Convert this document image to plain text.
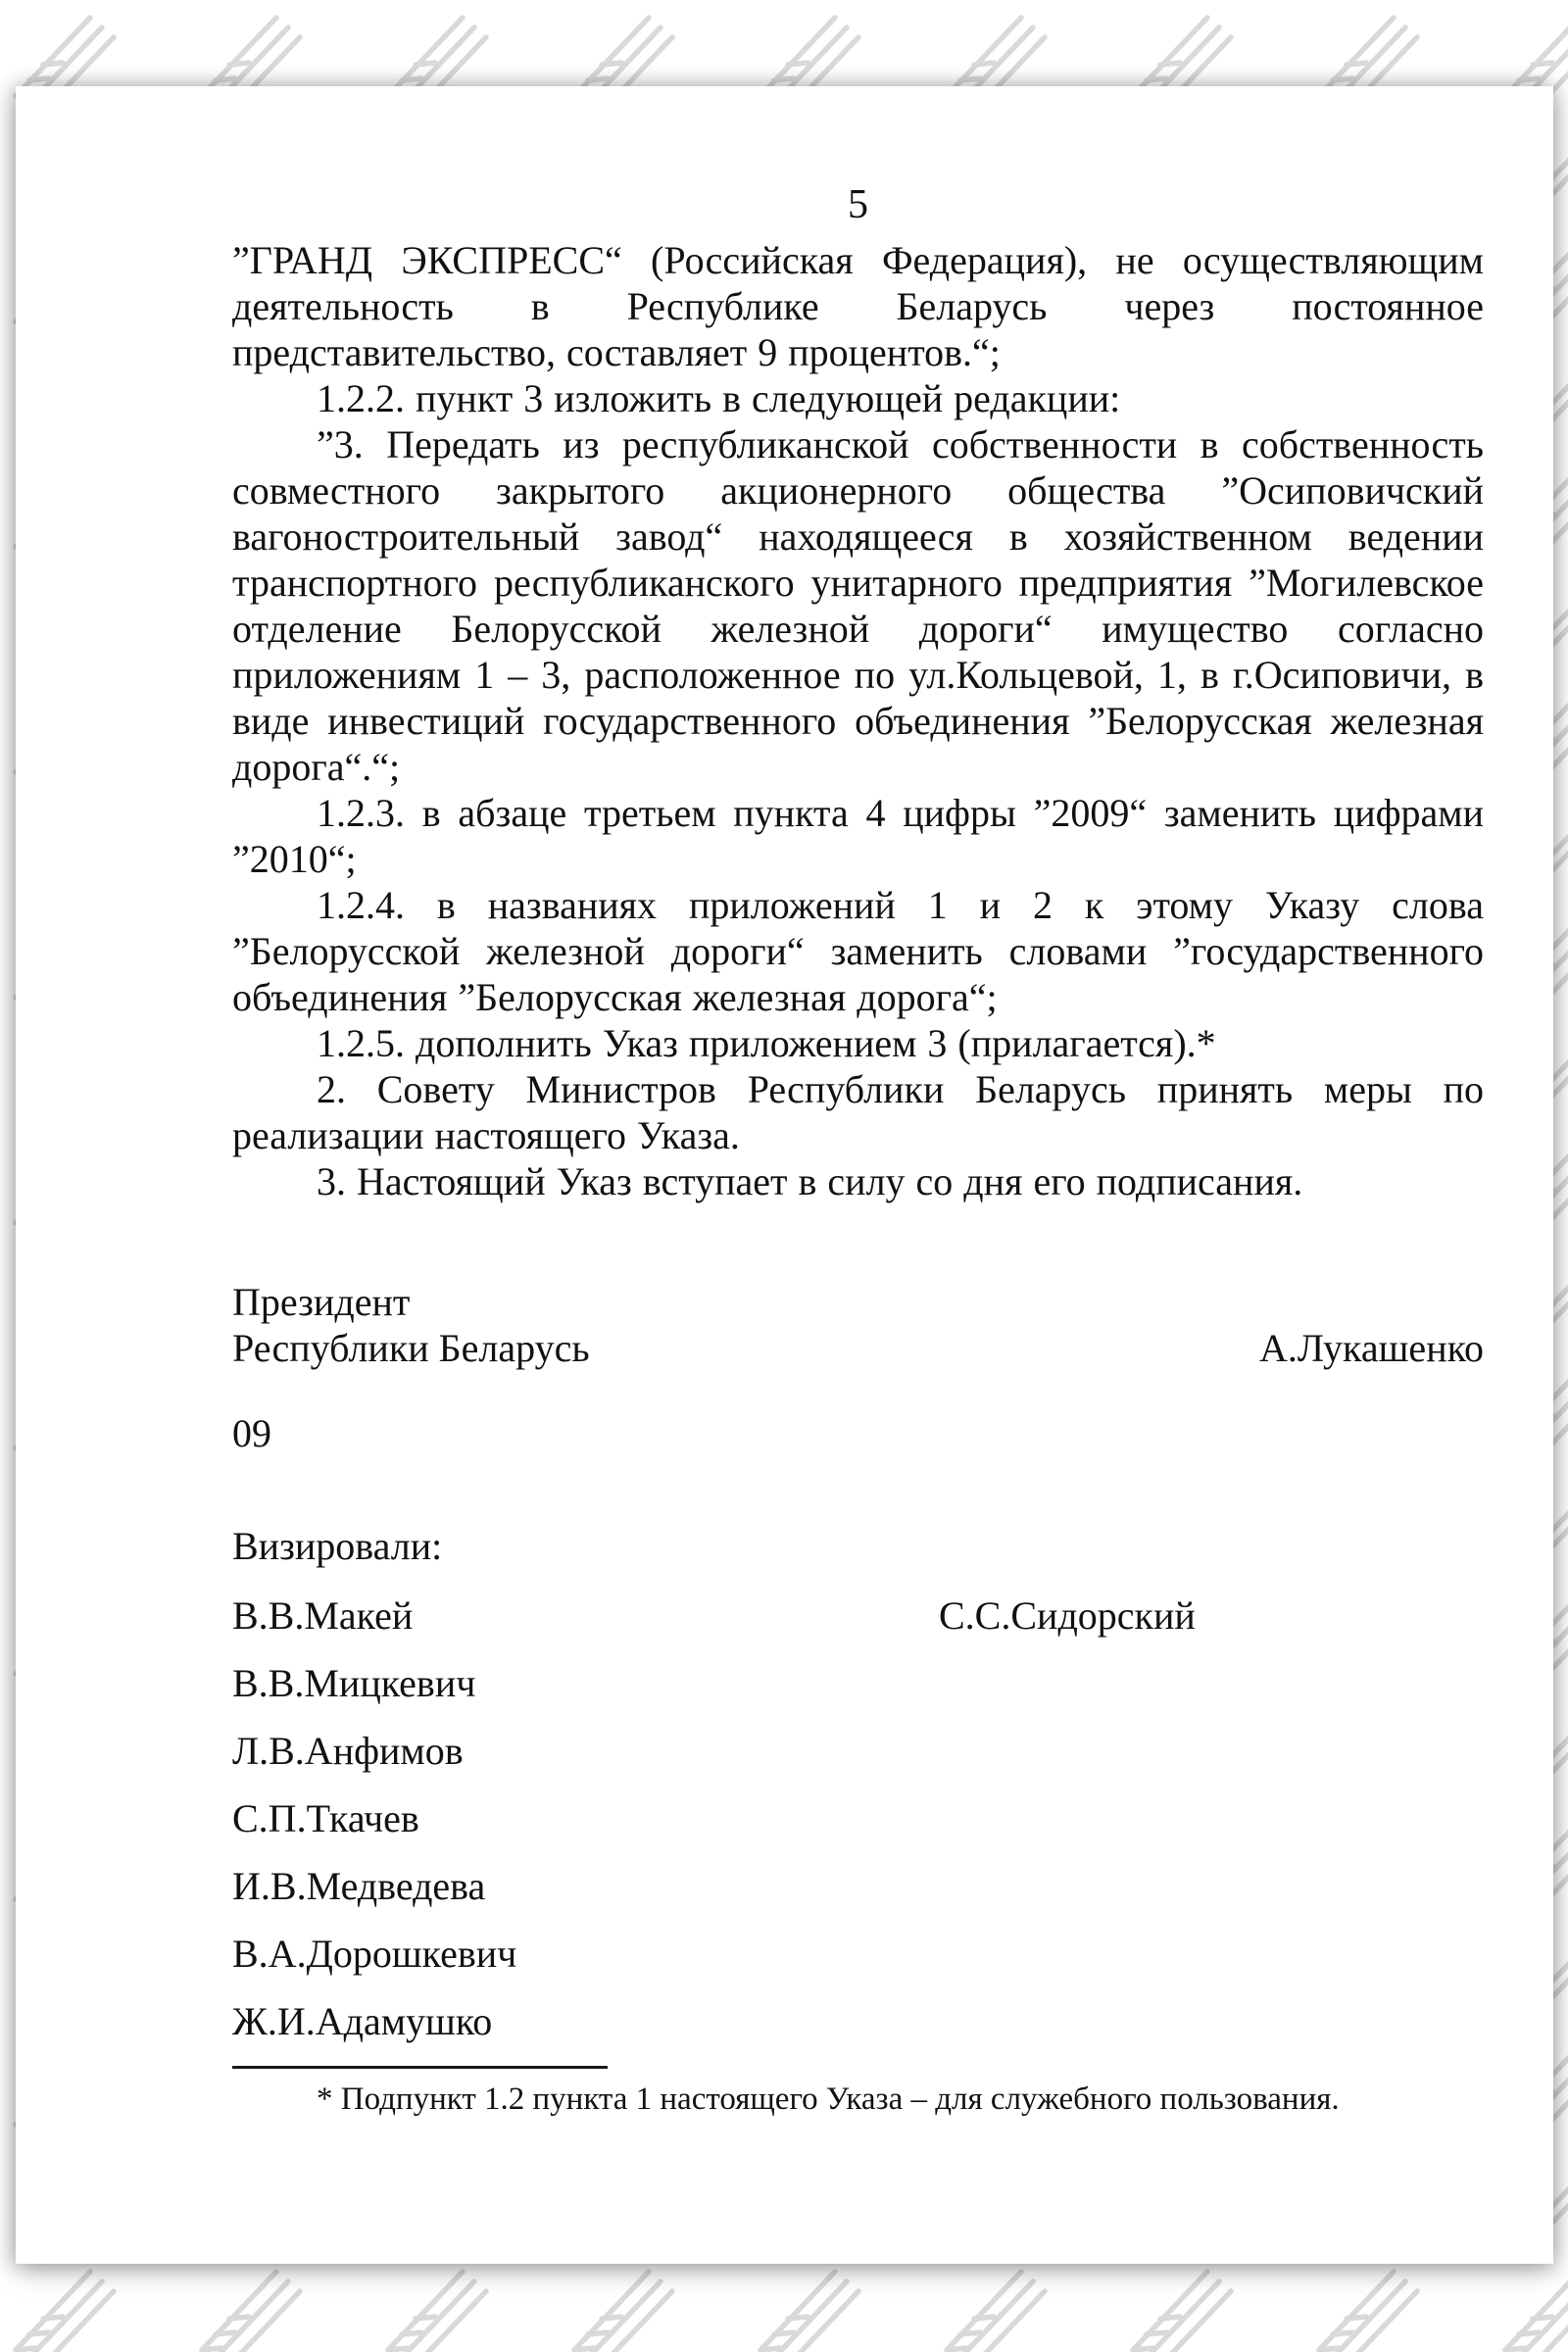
5

”ГРАНД ЭКСПРЕСС“ (Российская Федерация), не осуществляющим деятельность в Республике Беларусь через постоянное представительство, составляет 9 процентов.“;

1.2.2. пункт 3 изложить в следующей редакции:

”3. Передать из республиканской собственности в собственность совместного закрытого акционерного общества ”Осиповичский вагоностроительный завод“ находящееся в хозяйственном ведении транспортного республиканского унитарного предприятия ”Могилевское отделение Белорусской железной дороги“ имущество согласно приложениям 1 – 3, расположенное по ул.Кольцевой, 1, в г.Осиповичи, в виде инвестиций государственного объединения ”Белорусская железная дорога“.“;

1.2.3. в абзаце третьем пункта 4 цифры ”2009“ заменить цифрами ”2010“;

1.2.4. в названиях приложений 1 и 2 к этому Указу слова ”Белорусской железной дороги“ заменить словами ”государственного объединения ”Белорусская железная дорога“;

1.2.5. дополнить Указ приложением 3 (прилагается).*

2. Совету Министров Республики Беларусь принять меры по реализации настоящего Указа.

3. Настоящий Указ вступает в силу со дня его подписания.

Президент
Республики Беларусь	А.Лукашенко
09
Визировали:
В.В.Макей	С.С.Сидорский
В.В.Мицкевич
Л.В.Анфимов
С.П.Ткачев
И.В.Медведева
В.А.Дорошкевич
Ж.И.Адамушко

* Подпункт 1.2 пункта 1 настоящего Указа – для служебного пользования.
